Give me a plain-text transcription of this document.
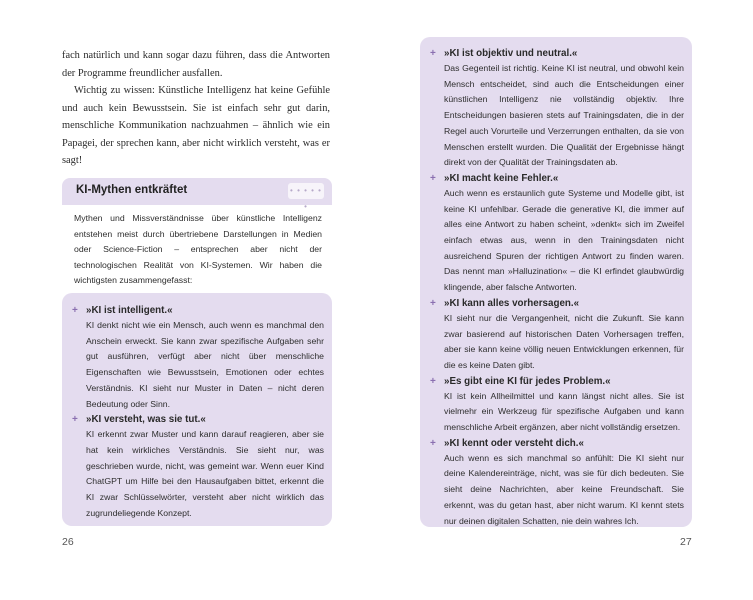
fach natürlich und kann sogar dazu führen, dass die Antworten der Programme freundlicher ausfallen.

Wichtig zu wissen: Künstliche Intelligenz hat keine Gefühle und auch kein Bewusstsein. Sie ist einfach sehr gut darin, menschliche Kommunikation nachzuahmen – ähnlich wie ein Papagei, der sprechen kann, aber nicht wirklich versteht, was er sagt!

KI-Mythen entkräftet	• • • • • •
Mythen und Missverständnisse über künstliche Intelligenz entstehen meist durch übertriebene Darstellungen in Medien oder Science-Fiction – entsprechen aber nicht der technologischen Realität von KI-Systemen. Wir haben die wichtigsten zusammengefasst:
+ »KI ist intelligent.«
KI denkt nicht wie ein Mensch, auch wenn es manchmal den Anschein erweckt. Sie kann zwar spezifische Aufgaben sehr gut ausführen, verfügt aber nicht über menschliche Eigenschaften wie Bewusstsein, Emotionen oder echtes Verständnis. KI sieht nur Muster in Daten – nicht deren Bedeutung oder Sinn.
+ »KI versteht, was sie tut.«
KI erkennt zwar Muster und kann darauf reagieren, aber sie hat kein wirkliches Verständnis. Sie sieht nur, was geschrieben wurde, nicht, was gemeint war. Wenn euer Kind ChatGPT um Hilfe bei den Hausaufgaben bittet, erkennt die KI zwar Schlüsselwörter, versteht aber nicht wirklich das zugrundeliegende Konzept.
26
+ »KI ist objektiv und neutral.«
Das Gegenteil ist richtig. Keine KI ist neutral, und obwohl kein Mensch entscheidet, sind auch die Entscheidungen einer künstlichen Intelligenz nie vollständig objektiv. Ihre Entscheidungen basieren stets auf Trainingsdaten, die in der Regel auch Vorurteile und Verzerrungen enthalten, da sie von Menschen erstellt wurden. Die Qualität der Ergebnisse hängt direkt von der Qualität der Trainingsdaten ab.
+ »KI macht keine Fehler.«
Auch wenn es erstaunlich gute Systeme und Modelle gibt, ist keine KI unfehlbar. Gerade die generative KI, die immer auf alles eine Antwort zu haben scheint, »denkt« sich im Zweifel einfach etwas aus, wenn in den Trainingsdaten nicht ausreichend Spuren der richtigen Antwort zu finden waren. Das nennt man »Halluzination« – die KI erfindet glaubwürdig klingende, aber falsche Antworten.
+ »KI kann alles vorhersagen.«
KI sieht nur die Vergangenheit, nicht die Zukunft. Sie kann zwar basierend auf historischen Daten Vorhersagen treffen, aber sie kann keine völlig neuen Entwicklungen erkennen, für die es keine Daten gibt.
+ »Es gibt eine KI für jedes Problem.«
KI ist kein Allheilmittel und kann längst nicht alles. Sie ist vielmehr ein Werkzeug für spezifische Aufgaben und kann menschliche Arbeit ergänzen, aber nicht vollständig ersetzen.
+ »KI kennt oder versteht dich.«
Auch wenn es sich manchmal so anfühlt: Die KI sieht nur deine Kalendereinträge, nicht, was sie für dich bedeuten. Sie sieht deine Nachrichten, aber keine Freundschaft. Sie erkennt, was du getan hast, aber nicht warum. KI kennt stets nur deinen digitalen Schatten, nie dein wahres Ich.
27
